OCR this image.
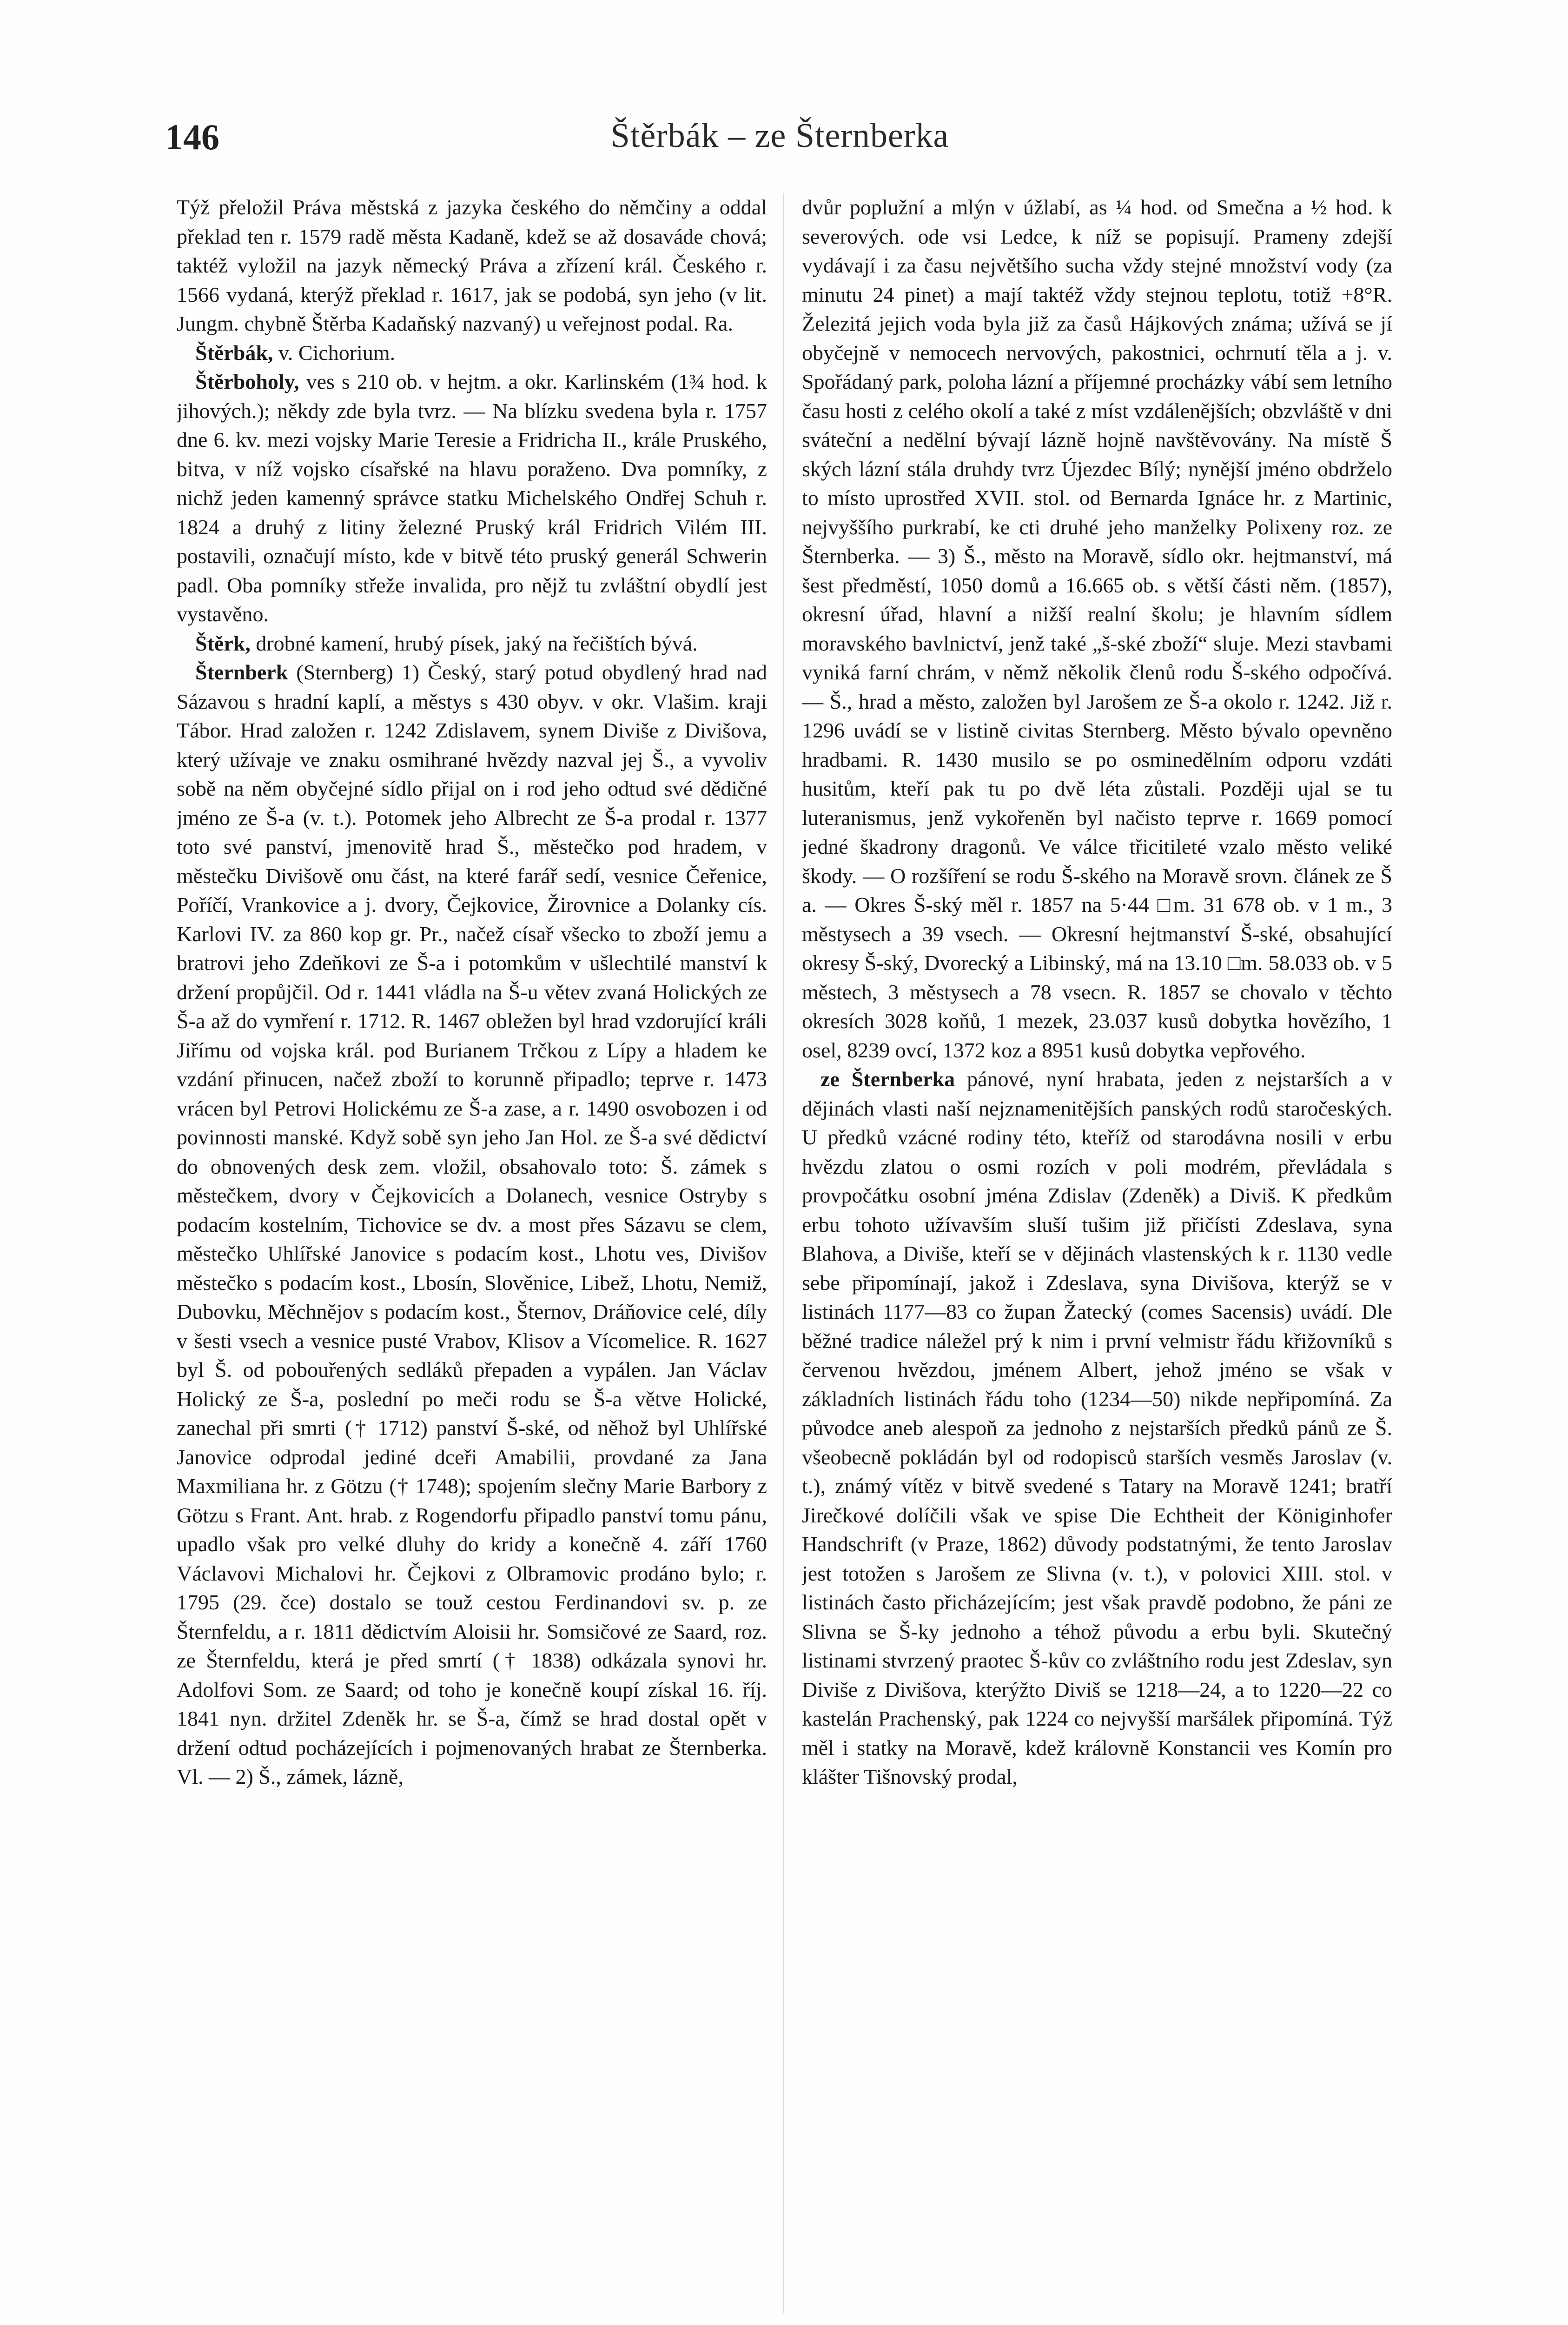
146	Štěrbák – ze Šternberka

Týž přeložil Práva městská z jazyka českého do němčiny a oddal překlad ten r. 1579 radě města Kadaně, kdež se až dosaváde chová; taktéž vyložil na jazyk německý Práva a zřízení král. Českého r. 1566 vydaná, kterýž překlad r. 1617, jak se podobá, syn jeho (v lit. Jungm. chybně Štěrba Kadaňský nazvaný) u veřejnost podal. Ra.

Štěrbák, v. Cichorium.

Štěrboholy, ves s 210 ob. v hejtm. a okr. Karlinském (1¾ hod. k jihových.); někdy zde byla tvrz. — Na blízku svedena byla r. 1757 dne 6. kv. mezi vojsky Marie Teresie a Fridricha II., krále Pruského, bitva, v níž vojsko císařské na hlavu poraženo. Dva pomníky, z nichž jeden kamenný správce statku Michelského Ondřej Schuh r. 1824 a druhý z litiny železné Pruský král Fridrich Vilém III. postavili, označují místo, kde v bitvě této pruský generál Schwerin padl. Oba pomníky střeže invalida, pro nějž tu zvláštní obydlí jest vystavěno.

Štěrk, drobné kamení, hrubý písek, jaký na řečištích bývá.

Šternberk (Sternberg) 1) Český, starý potud obydlený hrad nad Sázavou s hradní kaplí, a městys s 430 obyv. v okr. Vlašim. kraji Tábor. Hrad založen r. 1242 Zdislavem, synem Diviše z Divišova, který užívaje ve znaku osmihrané hvězdy nazval jej Š., a vyvoliv sobě na něm obyčejné sídlo přijal on i rod jeho odtud své dědičné jméno ze Š-a (v. t.). Potomek jeho Albrecht ze Š-a prodal r. 1377 toto své panství, jmenovitě hrad Š., městečko pod hradem, v městečku Divišově onu část, na které farář sedí, vesnice Čeřenice, Poříčí, Vrankovice a j. dvory, Čejkovice, Žirovnice a Dolanky cís. Karlovi IV. za 860 kop gr. Pr., načež císař všecko to zboží jemu a bratrovi jeho Zdeňkovi ze Š-a i potomkům v ušlechtilé manství k držení propůjčil. Od r. 1441 vládla na Š-u větev zvaná Holických ze Š-a až do vymření r. 1712. R. 1467 obležen byl hrad vzdorující králi Jiřímu od vojska král. pod Burianem Trčkou z Lípy a hladem ke vzdání přinucen, načež zboží to korunně připadlo; teprve r. 1473 vrácen byl Petrovi Holickému ze Š-a zase, a r. 1490 osvobozen i od povinnosti manské. Když sobě syn jeho Jan Hol. ze Š-a své dědictví do obnovených desk zem. vložil, obsahovalo toto: Š. zámek s městečkem, dvory v Čejkovicích a Dolanech, vesnice Ostryby s podacím kostelním, Tichovice se dv. a most přes Sázavu se clem, městečko Uhlířské Janovice s podacím kost., Lhotu ves, Divišov městečko s podacím kost., Lbosín, Slověnice, Libež, Lhotu, Nemiž, Dubovku, Měchnějov s podacím kost., Šternov, Dráňovice celé, díly v šesti vsech a vesnice pusté Vrabov, Klisov a Vícomelice. R. 1627 byl Š. od pobouřených sedláků přepaden a vypálen. Jan Václav Holický ze Š-a, poslední po meči rodu se Š-a větve Holické, zanechal při smrti († 1712) panství Š-ské, od něhož byl Uhlířské Janovice odprodal jediné dceři Amabilii, provdané za Jana Maxmiliana hr. z Götzu († 1748); spojením slečny Marie Barbory z Götzu s Frant. Ant. hrab. z Rogendorfu připadlo panství tomu pánu, upadlo však pro velké dluhy do kridy a konečně 4. září 1760 Václavovi Michalovi hr. Čejkovi z Olbramovic prodáno bylo; r. 1795 (29. čce) dostalo se touž cestou Ferdinandovi sv. p. ze Šternfeldu, a r. 1811 dědictvím Aloisii hr. Somsičové ze Saard, roz. ze Šternfeldu, která je před smrtí († 1838) odkázala synovi hr. Adolfovi Som. ze Saard; od toho je konečně koupí získal 16. říj. 1841 nyn. držitel Zdeněk hr. se Š-a, čímž se hrad dostal opět v držení odtud pocházejících i pojmenovaných hrabat ze Šternberka. Vl. — 2) Š., zámek, lázně,

dvůr poplužní a mlýn v úžlabí, as ¼ hod. od Smečna a ½ hod. k severových. ode vsi Ledce, k níž se popisují. Prameny zdejší vydávají i za času největšího sucha vždy stejné množství vody (za minutu 24 pinet) a mají taktéž vždy stejnou teplotu, totiž +8°R. Železitá jejich voda byla již za časů Hájkových známa; užívá se jí obyčejně v nemocech nervových, pakostnici, ochrnutí těla a j. v. Spořádaný park, poloha lázní a příjemné procházky vábí sem letního času hosti z celého okolí a také z míst vzdálenějších; obzvláště v dni sváteční a nedělní bývají lázně hojně navštěvovány. Na místě Š ských lázní stála druhdy tvrz Újezdec Bílý; nynější jméno obdrželo to místo uprostřed XVII. stol. od Bernarda Ignáce hr. z Martinic, nejvyššího purkrabí, ke cti druhé jeho manželky Polixeny roz. ze Šternberka. — 3) Š., město na Moravě, sídlo okr. hejtmanství, má šest předměstí, 1050 domů a 16.665 ob. s větší části něm. (1857), okresní úřad, hlavní a nižší realní školu; je hlavním sídlem moravského bavlnictví, jenž také „š-ské zboží“ sluje. Mezi stavbami vyniká farní chrám, v němž několik členů rodu Š-ského odpočívá. — Š., hrad a město, založen byl Jarošem ze Š-a okolo r. 1242. Již r. 1296 uvádí se v listině civitas Sternberg. Město bývalo opevněno hradbami. R. 1430 musilo se po osminedělním odporu vzdáti husitům, kteří pak tu po dvě léta zůstali. Později ujal se tu luteranismus, jenž vykořeněn byl načisto teprve r. 1669 pomocí jedné škadrony dragonů. Ve válce třicitileté vzalo město veliké škody. — O rozšíření se rodu Š-ského na Moravě srovn. článek ze Š a. — Okres Š-ský měl r. 1857 na 5·44 □m. 31 678 ob. v 1 m., 3 městysech a 39 vsech. — Okresní hejtmanství Š-ské, obsahující okresy Š-ský, Dvorecký a Libinský, má na 13.10 □m. 58.033 ob. v 5 městech, 3 městysech a 78 vsecn. R. 1857 se chovalo v těchto okresích 3028 koňů, 1 mezek, 23.037 kusů dobytka hovězího, 1 osel, 8239 ovcí, 1372 koz a 8951 kusů dobytka vepřového.

ze Šternberka pánové, nyní hrabata, jeden z nejstarších a v dějinách vlasti naší nejznamenitějších panských rodů staročeských. U předků vzácné rodiny této, kteříž od starodávna nosili v erbu hvězdu zlatou o osmi rozích v poli modrém, převládala s provpočátku osobní jména Zdislav (Zdeněk) a Diviš. K předkům erbu tohoto užívavším sluší tušim již přičísti Zdeslava, syna Blahova, a Diviše, kteří se v dějinách vlastenských k r. 1130 vedle sebe připomínají, jakož i Zdeslava, syna Divišova, kterýž se v listinách 1177—83 co župan Žatecký (comes Sacensis) uvádí. Dle běžné tradice náležel prý k nim i první velmistr řádu křižovníků s červenou hvězdou, jménem Albert, jehož jméno se však v základních listinách řádu toho (1234—50) nikde nepřipomíná. Za původce aneb alespoň za jednoho z nejstarších předků pánů ze Š. všeobecně pokládán byl od rodopisců starších vesměs Jaroslav (v. t.), známý vítěz v bitvě svedené s Tatary na Moravě 1241; bratří Jirečkové dolíčili však ve spise Die Echtheit der Königinhofer Handschrift (v Praze, 1862) důvody podstatnými, že tento Jaroslav jest totožen s Jarošem ze Slivna (v. t.), v polovici XIII. stol. v listinách často přicházejícím; jest však pravdě podobno, že páni ze Slivna se Š-ky jednoho a téhož původu a erbu byli. Skutečný listinami stvrzený praotec Š-kův co zvláštního rodu jest Zdeslav, syn Diviše z Divišova, kterýžto Diviš se 1218—24, a to 1220—22 co kastelán Prachenský, pak 1224 co nejvyšší maršálek připomíná. Týž měl i statky na Moravě, kdež královně Konstancii ves Komín pro klášter Tišnovský prodal,
